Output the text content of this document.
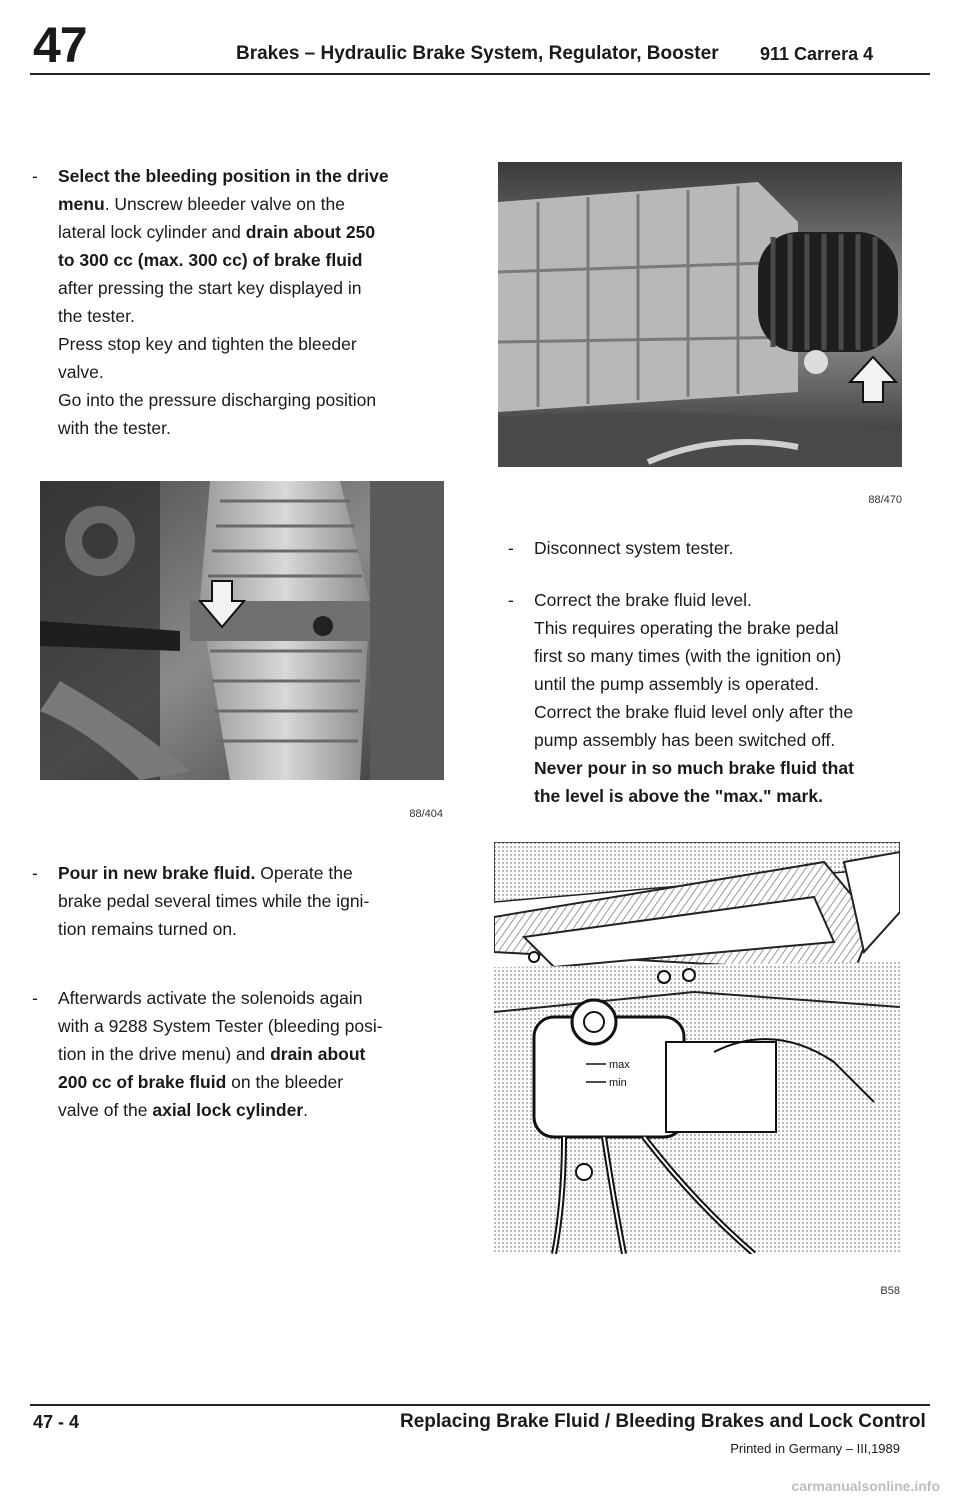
47	Brakes – Hydraulic Brake System, Regulator, Booster 911 Carrera 4
- Select the bleeding position in the drive

menu. Unscrew bleeder valve on the

lateral lock cylinder and drain about 250

to 300 cc (max. 300 cc) of brake fluid

after pressing the start key displayed in

the tester.

Press stop key and tighten the bleeder

valve.

Go into the pressure discharging position

with the tester.

88/404
- Pour in new brake fluid. Operate the

brake pedal several times while the igni-

tion remains turned on.

- Afterwards activate the solenoids again

with a 9288 System Tester (bleeding posi-

tion in the drive menu) and drain about

200 cc of brake fluid on the bleeder

valve of the axial lock cylinder.

88/470
- Disconnect system tester.

- Correct the brake fluid level.

This requires operating the brake pedal

first so many times (with the ignition on)

until the pump assembly is operated.

Correct the brake fluid level only after the

pump assembly has been switched off.

Never pour in so much brake fluid that

the level is above the "max." mark.

max
min
B58
47 - 4	Replacing Brake Fluid / Bleeding Brakes and Lock Control
Printed in Germany – III,1989
carmanualsonline.info
